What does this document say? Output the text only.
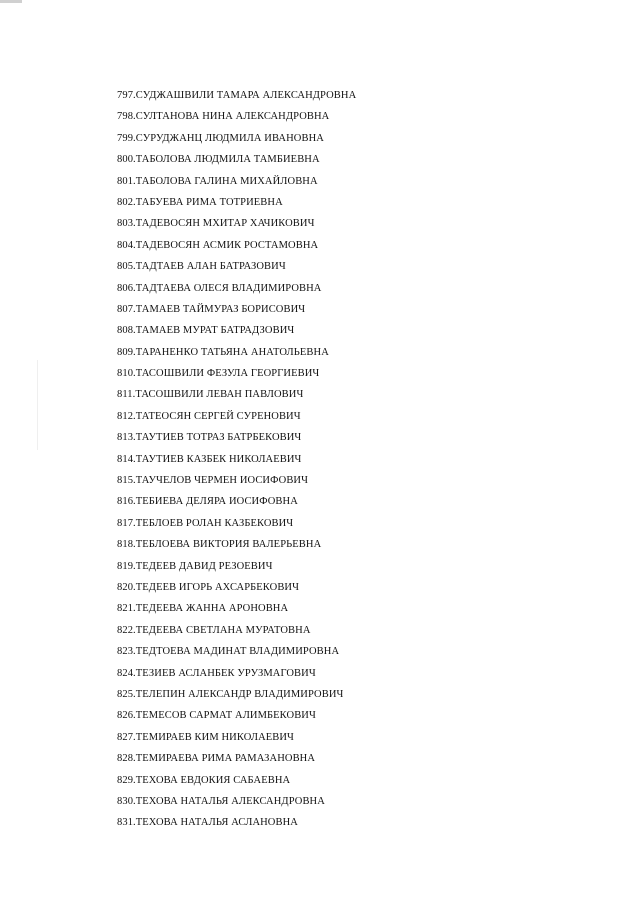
797.СУДЖАШВИЛИ ТАМАРА АЛЕКСАНДРОВНА
798.СУЛТАНОВА НИНА АЛЕКСАНДРОВНА
799.СУРУДЖАНЦ ЛЮДМИЛА ИВАНОВНА
800.ТАБОЛОВА ЛЮДМИЛА ТАМБИЕВНА
801.ТАБОЛОВА ГАЛИНА МИХАЙЛОВНА
802.ТАБУЕВА РИМА ТОТРИЕВНА
803.ТАДЕВОСЯН МХИТАР ХАЧИКОВИЧ
804.ТАДЕВОСЯН АСМИК РОСТАМОВНА
805.ТАДТАЕВ АЛАН БАТРАЗОВИЧ
806.ТАДТАЕВА ОЛЕСЯ ВЛАДИМИРОВНА
807.ТАМАЕВ ТАЙМУРАЗ БОРИСОВИЧ
808.ТАМАЕВ МУРАТ БАТРАДЗОВИЧ
809.ТАРАНЕНКО ТАТЬЯНА АНАТОЛЬЕВНА
810.ТАСОШВИЛИ ФЕЗУЛА ГЕОРГИЕВИЧ
811.ТАСОШВИЛИ ЛЕВАН ПАВЛОВИЧ
812.ТАТЕОСЯН СЕРГЕЙ СУРЕНОВИЧ
813.ТАУТИЕВ ТОТРАЗ БАТРБЕКОВИЧ
814.ТАУТИЕВ КАЗБЕК НИКОЛАЕВИЧ
815.ТАУЧЕЛОВ ЧЕРМЕН ИОСИФОВИЧ
816.ТЕБИЕВА ДЕЛЯРА ИОСИФОВНА
817.ТЕБЛОЕВ РОЛАН КАЗБЕКОВИЧ
818.ТЕБЛОЕВА ВИКТОРИЯ ВАЛЕРЬЕВНА
819.ТЕДЕЕВ ДАВИД РЕЗОЕВИЧ
820.ТЕДЕЕВ ИГОРЬ АХСАРБЕКОВИЧ
821.ТЕДЕЕВА ЖАННА АРОНОВНА
822.ТЕДЕЕВА СВЕТЛАНА МУРАТОВНА
823.ТЕДТОЕВА МАДИНАТ ВЛАДИМИРОВНА
824.ТЕЗИЕВ АСЛАНБЕК УРУЗМАГОВИЧ
825.ТЕЛЕПИН АЛЕКСАНДР ВЛАДИМИРОВИЧ
826.ТЕМЕСОВ САРМАТ АЛИМБЕКОВИЧ
827.ТЕМИРАЕВ КИМ НИКОЛАЕВИЧ
828.ТЕМИРАЕВА РИМА РАМАЗАНОВНА
829.ТЕХОВА ЕВДОКИЯ САБАЕВНА
830.ТЕХОВА НАТАЛЬЯ АЛЕКСАНДРОВНА
831.ТЕХОВА НАТАЛЬЯ АСЛАНОВНА
